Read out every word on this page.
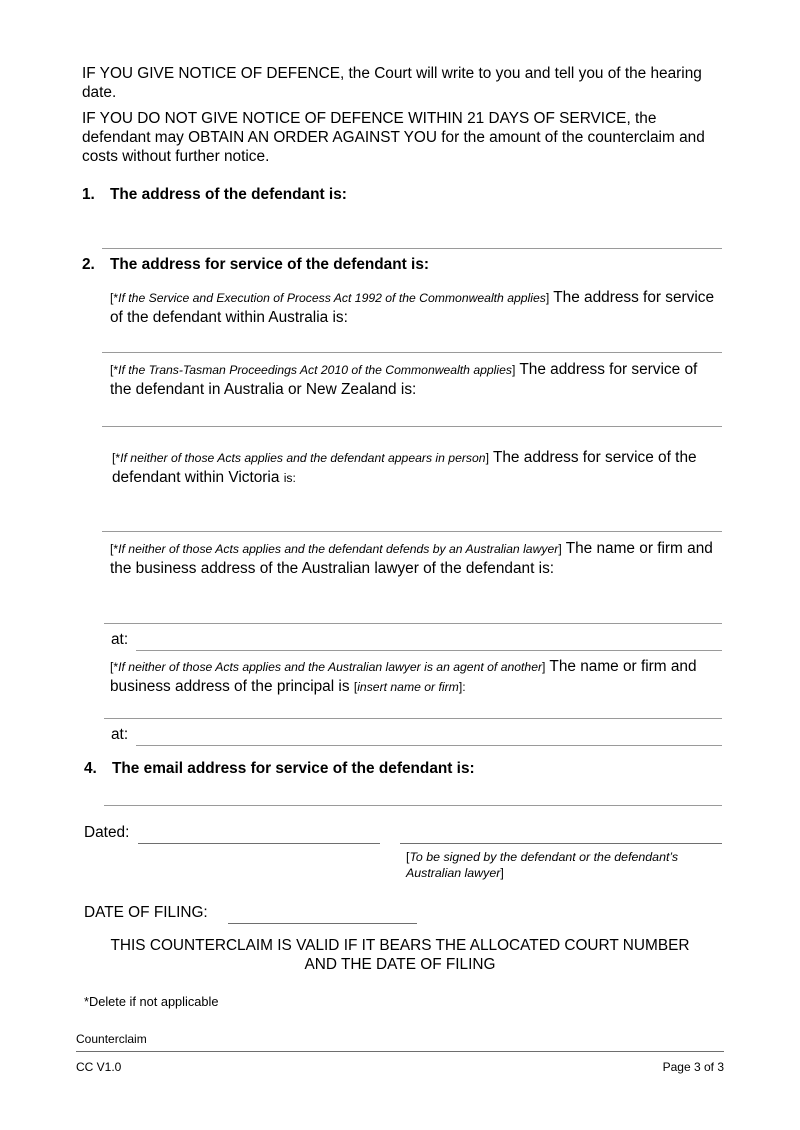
IF YOU GIVE NOTICE OF DEFENCE, the Court will write to you and tell you of the hearing date.
IF YOU DO NOT GIVE NOTICE OF DEFENCE WITHIN 21 DAYS OF SERVICE, the defendant may OBTAIN AN ORDER AGAINST YOU for the amount of the counterclaim and costs without further notice.
1. The address of the defendant is:
2. The address for service of the defendant is:
[*If the Service and Execution of Process Act 1992 of the Commonwealth applies] The address for service of the defendant within Australia is:
[*If the Trans-Tasman Proceedings Act 2010 of the Commonwealth applies] The address for service of the defendant in Australia or New Zealand is:
[*If neither of those Acts applies and the defendant appears in person] The address for service of the defendant within Victoria is:
[*If neither of those Acts applies and the defendant defends by an Australian lawyer] The name or firm and the business address of the Australian lawyer of the defendant is:
at:
[*If neither of those Acts applies and the Australian lawyer is an agent of another] The name or firm and business address of the principal is [insert name or firm]:
at:
4. The email address for service of the defendant is:
Dated:
[To be signed by the defendant or the defendant’s Australian lawyer]
DATE OF FILING:
THIS COUNTERCLAIM IS VALID IF IT BEARS THE ALLOCATED COURT NUMBER
AND THE DATE OF FILING
*Delete if not applicable
Counterclaim
CC V1.0	Page 3 of 3
